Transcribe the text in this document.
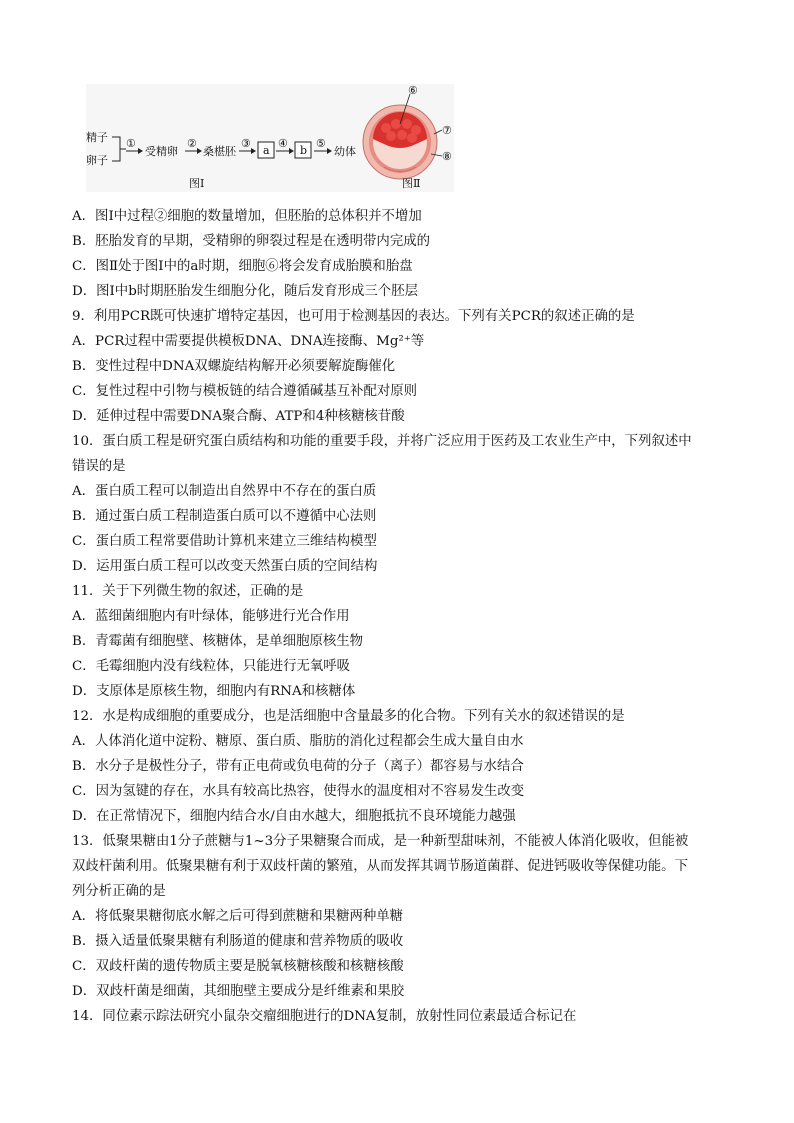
精子
卵子
①
受精卵
②
桑椹胚
③
a
④
b
⑤
幼体
图Ⅰ
⑥
⑦
⑧
图Ⅱ
A．图Ⅰ中过程②细胞的数量增加，但胚胎的总体积并不增加
B．胚胎发育的早期，受精卵的卵裂过程是在透明带内完成的
C．图Ⅱ处于图Ⅰ中的a时期，细胞⑥将会发育成胎膜和胎盘
D．图Ⅰ中b时期胚胎发生细胞分化，随后发育形成三个胚层
9．利用PCR既可快速扩增特定基因，也可用于检测基因的表达。下列有关PCR的叙述正确的是
A．PCR过程中需要提供模板DNA、DNA连接酶、Mg²⁺等
B．变性过程中DNA双螺旋结构解开必须要解旋酶催化
C．复性过程中引物与模板链的结合遵循碱基互补配对原则
D．延伸过程中需要DNA聚合酶、ATP和4种核糖核苷酸
10．蛋白质工程是研究蛋白质结构和功能的重要手段，并将广泛应用于医药及工农业生产中，下列叙述中
错误的是
A．蛋白质工程可以制造出自然界中不存在的蛋白质
B．通过蛋白质工程制造蛋白质可以不遵循中心法则
C．蛋白质工程常要借助计算机来建立三维结构模型
D．运用蛋白质工程可以改变天然蛋白质的空间结构
11．关于下列微生物的叙述，正确的是
A．蓝细菌细胞内有叶绿体，能够进行光合作用
B．青霉菌有细胞壁、核糖体，是单细胞原核生物
C．毛霉细胞内没有线粒体，只能进行无氧呼吸
D．支原体是原核生物，细胞内有RNA和核糖体
12．水是构成细胞的重要成分，也是活细胞中含量最多的化合物。下列有关水的叙述错误的是
A．人体消化道中淀粉、糖原、蛋白质、脂肪的消化过程都会生成大量自由水
B．水分子是极性分子，带有正电荷或负电荷的分子（离子）都容易与水结合
C．因为氢键的存在，水具有较高比热容，使得水的温度相对不容易发生改变
D．在正常情况下，细胞内结合水/自由水越大，细胞抵抗不良环境能力越强
13．低聚果糖由1分子蔗糖与1~3分子果糖聚合而成，是一种新型甜味剂，不能被人体消化吸收，但能被
双歧杆菌利用。低聚果糖有利于双歧杆菌的繁殖，从而发挥其调节肠道菌群、促进钙吸收等保健功能。下
列分析正确的是
A．将低聚果糖彻底水解之后可得到蔗糖和果糖两种单糖
B．摄入适量低聚果糖有利肠道的健康和营养物质的吸收
C．双歧杆菌的遗传物质主要是脱氧核糖核酸和核糖核酸
D．双歧杆菌是细菌，其细胞壁主要成分是纤维素和果胶
14．同位素示踪法研究小鼠杂交瘤细胞进行的DNA复制，放射性同位素最适合标记在
